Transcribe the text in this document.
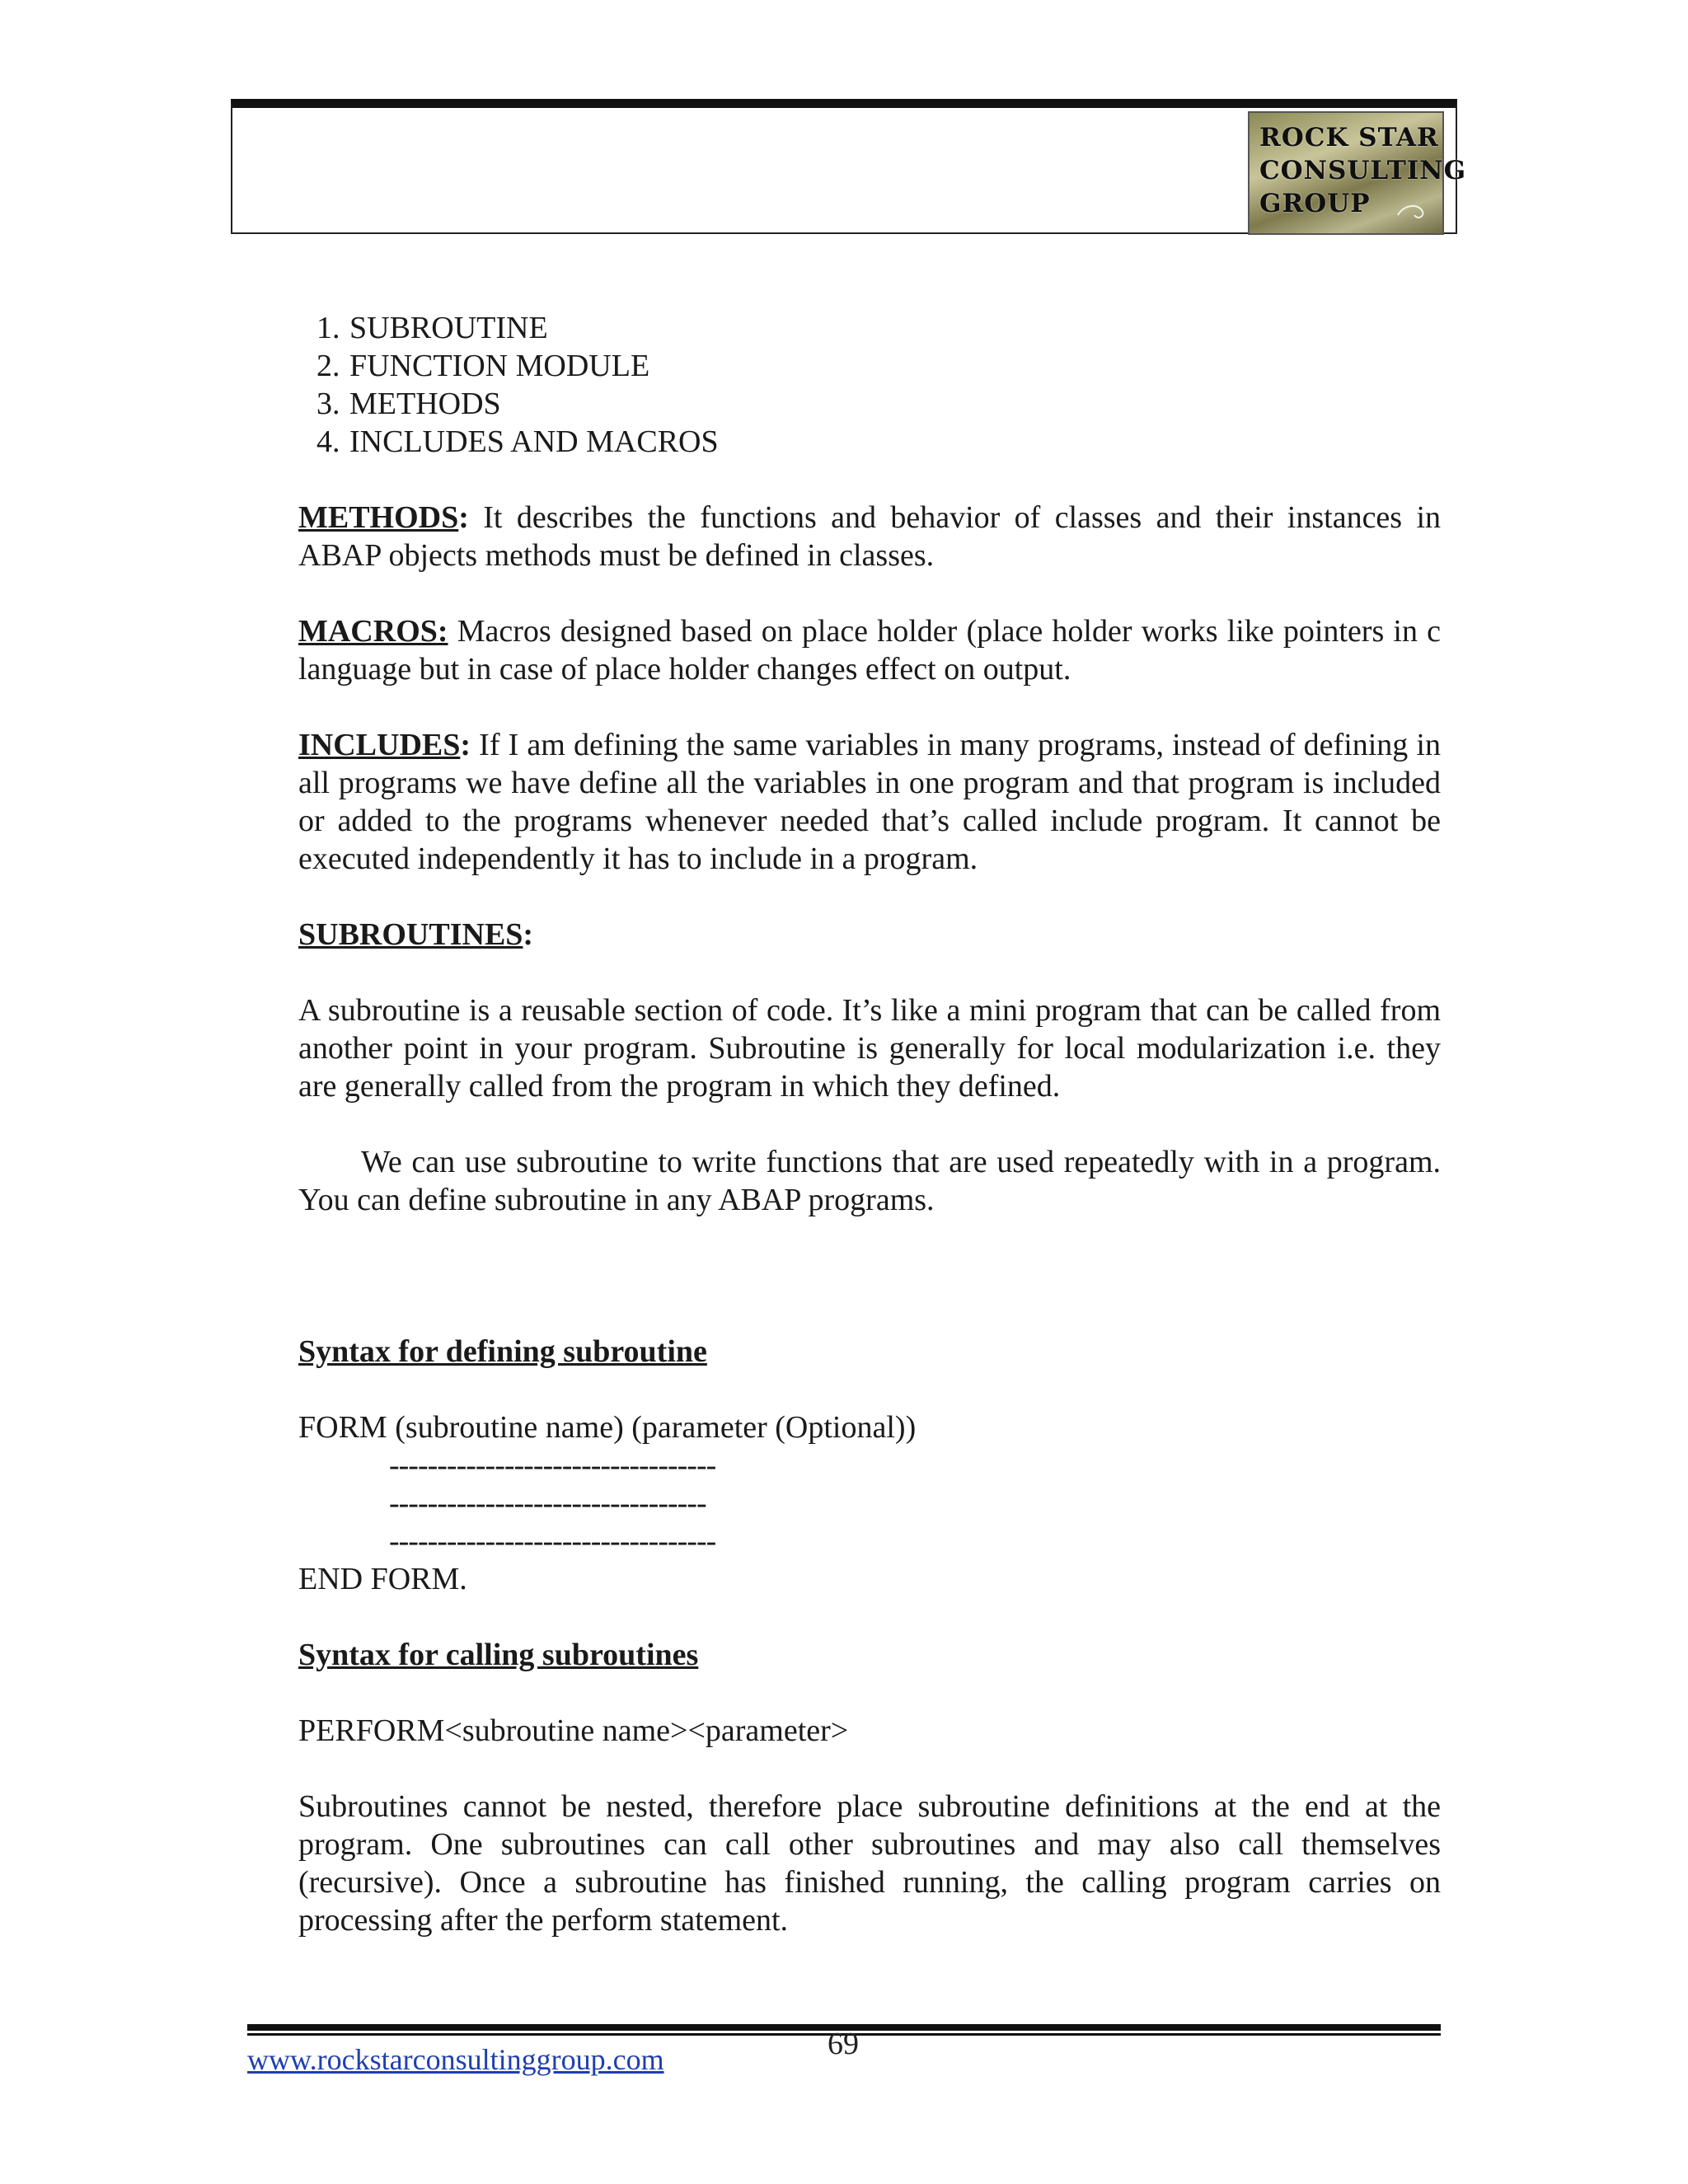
ROCK STAR
CONSULTING
GROUP
1. SUBROUTINE
2. FUNCTION MODULE
3. METHODS
4. INCLUDES AND MACROS

METHODS: It describes the functions and behavior of classes and their instances in ABAP objects methods must be defined in classes.

MACROS: Macros designed based on place holder (place holder works like pointers in c language but in case of place holder changes effect on output.

INCLUDES: If I am defining the same variables in many programs, instead of defining in all programs we have define all the variables in one program and that program is included or added to the programs whenever needed that’s called include program. It cannot be executed independently it has to include in a program.

SUBROUTINES:

A subroutine is a reusable section of code. It’s like a mini program that can be called from another point in your program. Subroutine is generally for local modularization i.e. they are generally called from the program in which they defined.

We can use subroutine to write functions that are used repeatedly with in a program. You can define subroutine in any ABAP programs.

Syntax for defining subroutine

FORM (subroutine name) (parameter (Optional))

----------------------------------

---------------------------------

----------------------------------

END FORM.

Syntax for calling subroutines

PERFORM<subroutine name><parameter>

Subroutines cannot be nested, therefore place subroutine definitions at the end at the program. One subroutines can call other subroutines and may also call themselves (recursive). Once a subroutine has finished running, the calling program carries on processing after the perform statement.

69
www.rockstarconsultinggroup.com
